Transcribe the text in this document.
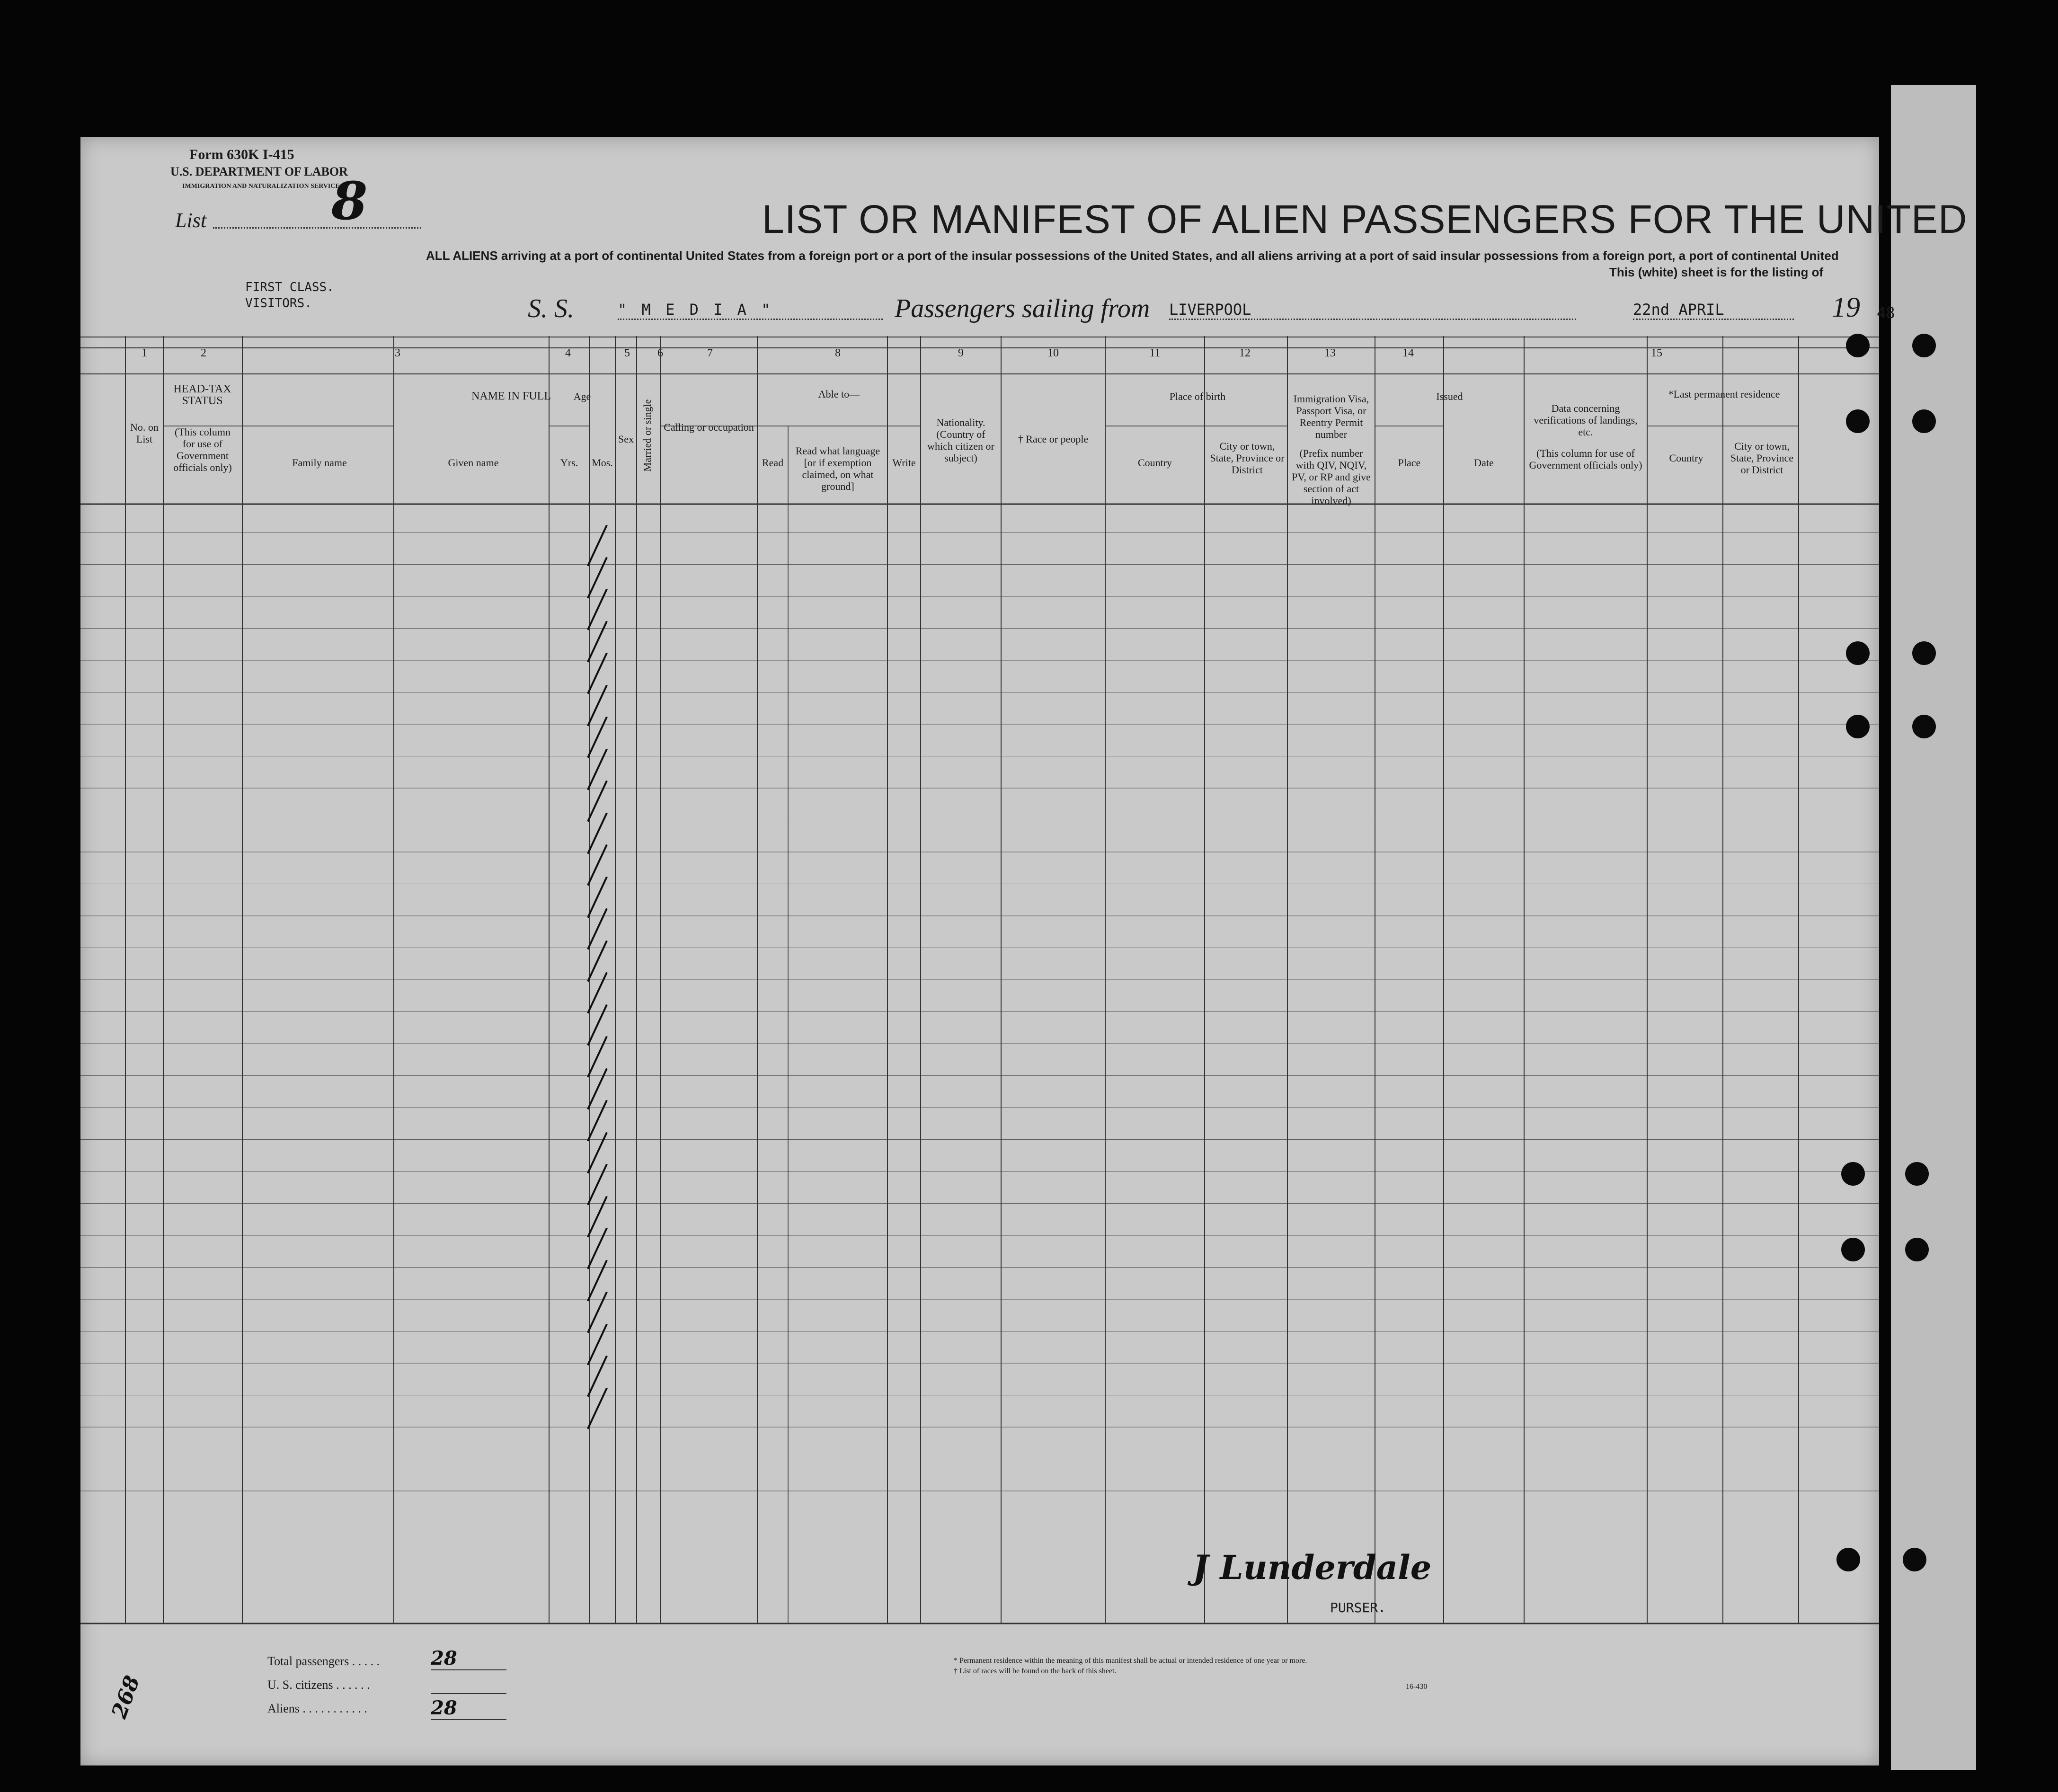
Form 630K I-415
U.S. DEPARTMENT OF LABOR
IMMIGRATION AND NATURALIZATION SERVICE
List 8	LIST OR MANIFEST OF ALIEN PASSENGERS FOR THE UNITED
ALL ALIENS arriving at a port of continental United States from a foreign port or a port of the insular possessions of the United States, and all aliens arriving at a port of said insular possessions from a foreign port, a port of continental United
This (white) sheet is for the listing of
FIRST CLASS.
VISITORS.	S. S.	" M E D I A "	Passengers sailing from LIVERPOOL	22nd APRIL	19 48
1	2	3	4	5	6	7	8	9	10	11	12	13	14	15
No. on List
HEAD-TAX STATUS
(This column for use of Government officials only)
NAME IN FULL
Family name	Given name
Age
Yrs.	Mos.
Sex
Calling or occupation
Able to—
Read
Read what language [or if exemption claimed, on what ground]
Write
Nationality. (Country of which citizen or subject)
† Race or people
Place of birth
Country
City or town, State, Province or District
Immigration Visa, Passport Visa, or Reentry Permit number
(Prefix number with QIV, NQIV, PV, or RP and give section of act involved)
Issued
Place	Date
Data concerning verifications of landings, etc.
(This column for use of Government officials only)
*Last permanent residence
Country
City or town, State, Province or District
Married or single
J Lunderdale
PURSER.
Total passengers . . . . .	28
U. S. citizens . . . . . .
Aliens . . . . . . . . . . .	28
* Permanent residence within the meaning of this manifest shall be actual or intended residence of one year or more.
† List of races will be found on the back of this sheet.
16-430
268
